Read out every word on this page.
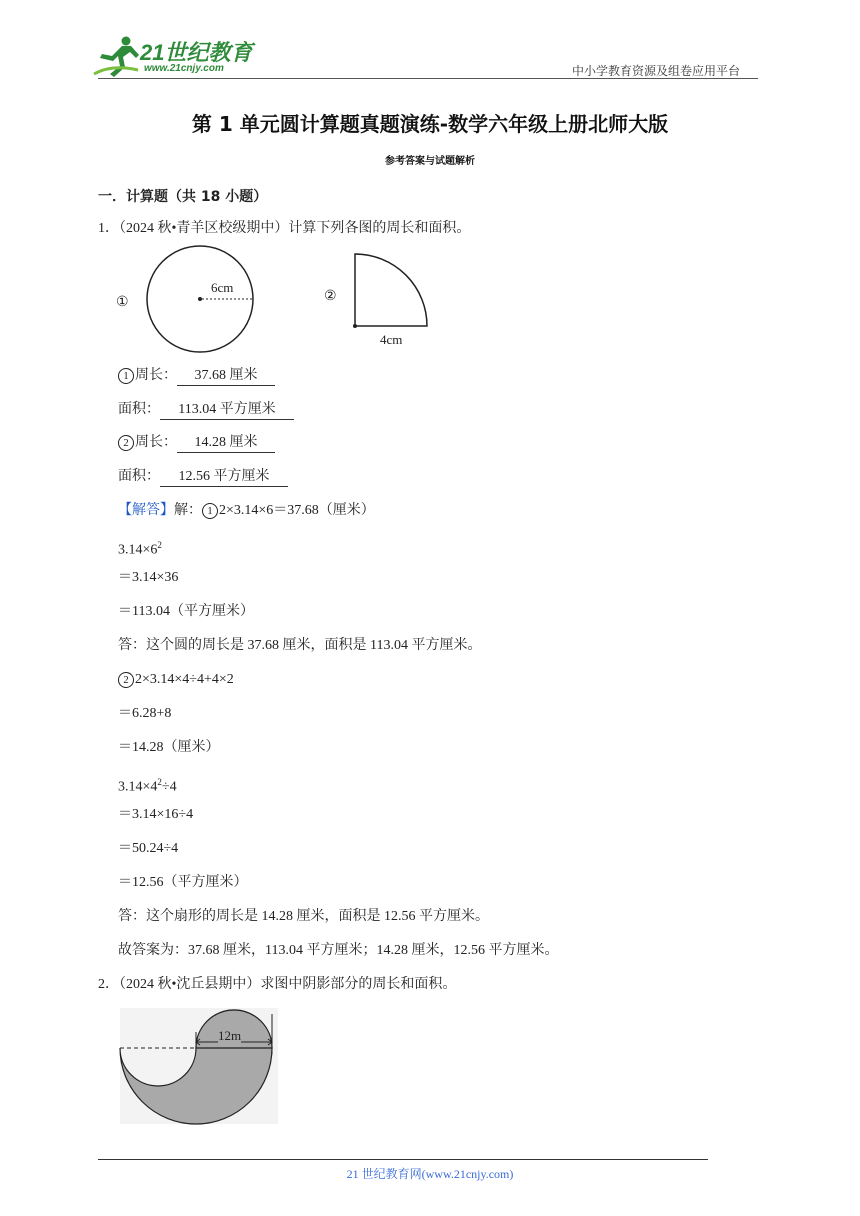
21世纪教育
www.21cnjy.com	中小学教育资源及组卷应用平台
第 1 单元圆计算题真题演练-数学六年级上册北师大版
参考答案与试题解析
一．计算题（共 18 小题）
1．（2024 秋•青羊区校级期中）计算下列各图的周长和面积。
①
6cm
②
4cm
1 周长： 37.68 厘米
面积： 113.04 平方厘米
2 周长： 14.28 厘米
面积： 12.56 平方厘米
【解答】解： 1 2×3.14×6＝37.68（厘米）
$3.14\times 6^2$
＝3.14×36
＝113.04（平方厘米）
答：这个圆的周长是 37.68 厘米，面积是 113.04 平方厘米。
2 2×3.14×4÷4+4×2
＝6.28+8
＝14.28（厘米）
$3.14\times 4^2\div 4$
＝3.14×16÷4
＝50.24÷4
＝12.56（平方厘米）
答：这个扇形的周长是 14.28 厘米，面积是 12.56 平方厘米。
故答案为：37.68 厘米，113.04 平方厘米；14.28 厘米，12.56 平方厘米。
2．（2024 秋•沈丘县期中）求图中阴影部分的周长和面积。
12m
21 世纪教育网(www.21cnjy.com)
